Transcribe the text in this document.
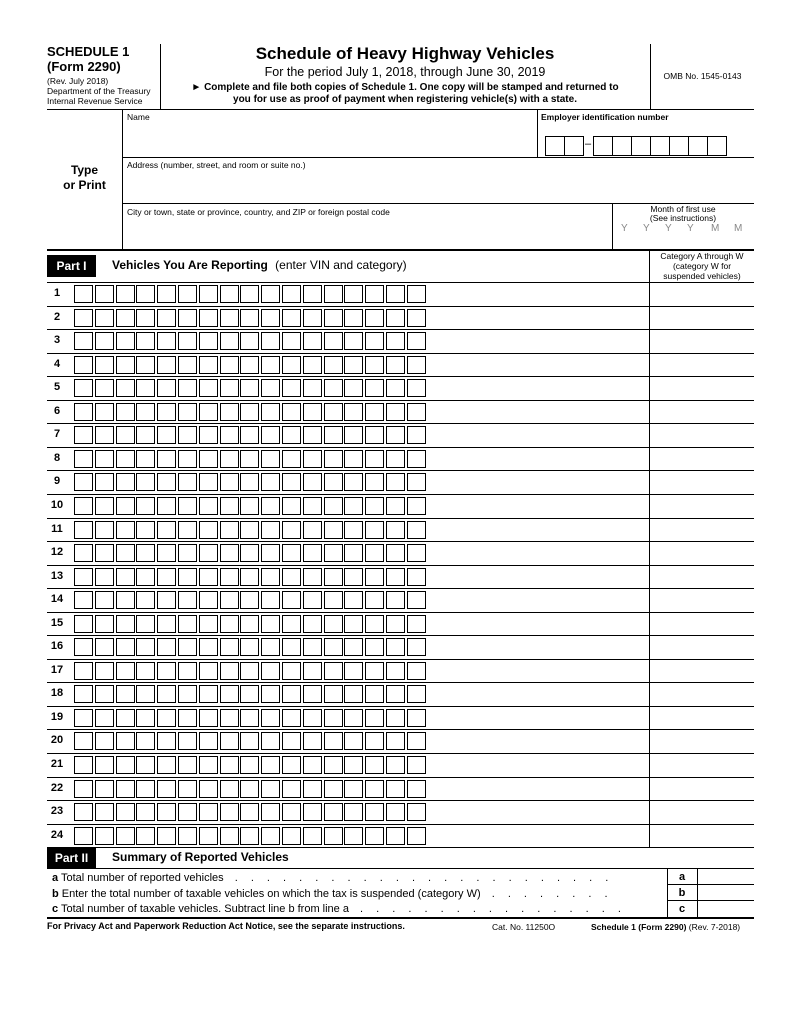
SCHEDULE 1
(Form 2290)
(Rev. July 2018)
Department of the Treasury
Internal Revenue Service
Schedule of Heavy Highway Vehicles
For the period July 1, 2018, through June 30, 2019
► Complete and file both copies of Schedule 1. One copy will be stamped and returned to
you for use as proof of payment when registering vehicle(s) with a state.
OMB No. 1545-0143
Type
or Print
Name	Employer identification number
–
Address (number, street, and room or suite no.)
City or town, state or province, country, and ZIP or foreign postal code	Month of first use
(See instructions)
Y Y Y Y M M
Part I	Vehicles You Are Reporting (enter VIN and category)
Category A through W
(category W for
suspended vehicles)
1
2
3
4
5
6
7
8
9
10
11
12
13
14
15
16
17
18
19
20
21
22
23
24
Part II	Summary of Reported Vehicles
a Total number of reported vehicles . . . . . . . . . . . . . . . . . . . . . . . .
b Enter the total number of taxable vehicles on which the tax is suspended (category W) . . . . . . . .
c Total number of taxable vehicles. Subtract line b from line a . . . . . . . . . . . . . . . . .
a
b
c
For Privacy Act and Paperwork Reduction Act Notice, see the separate instructions.	Cat. No. 11250O	Schedule 1 (Form 2290) (Rev. 7-2018)
